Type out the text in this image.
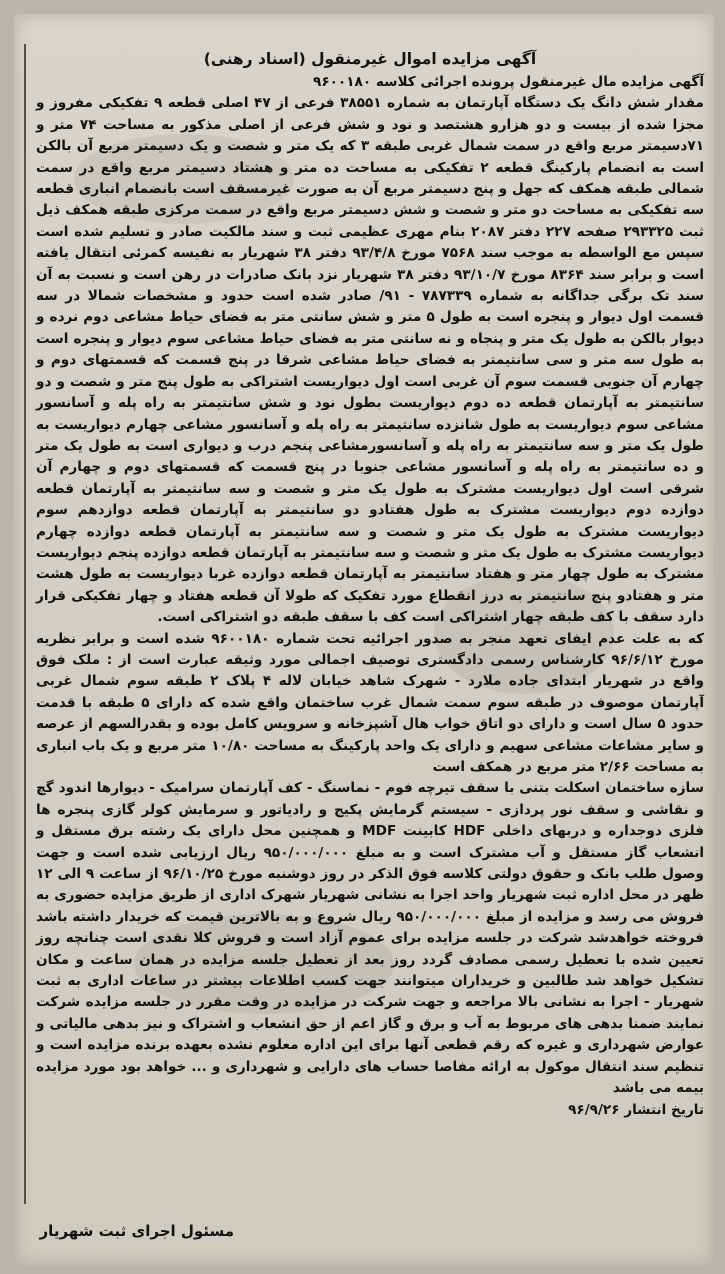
آگهی مزایده اموال غیرمنقول (اسناد رهنی)

آگهی مزایده مال غیرمنقول پرونده اجرائی کلاسه ۹۶۰۰۱۸۰

مقدار شش دانگ یک دستگاه آپارتمان به شماره ۳۸۵۵۱ فرعی از ۴۷ اصلی قطعه ۹ تفکیکی مفروز و مجزا شده از بیست و دو هزارو هشتصد و نود و شش فرعی از اصلی مذکور به مساحت ۷۴ متر و ۷۱دسیمتر مربع واقع در سمت شمال غربی طبقه ۳ که یک متر و شصت و یک دسیمتر مربع آن بالکن است به انضمام پارکینگ قطعه ۲ تفکیکی به مساحت ده متر و هشتاد دسیمتر مربع واقع در سمت شمالی طبقه همکف که جهل و پنج دسیمتر مربع آن به صورت غیرمسقف است بانضمام انباری قطعه سه تفکیکی به مساحت دو متر و شصت و شش دسیمتر مربع واقع در سمت مرکزی طبقه همکف ذیل ثبت ۲۹۳۳۲۵ صفحه ۲۲۷ دفتر ۲۰۸۷ بنام مهری عظیمی ثبت و سند مالکیت صادر و تسلیم شده است سپس مع الواسطه به موجب سند ۷۵۶۸ مورخ ۹۳/۴/۸ دفتر ۳۸ شهریار به نفیسه کمرئی انتقال یافته است و برابر سند ۸۳۶۴ مورخ ۹۳/۱۰/۷ دفتر ۳۸ شهریار نزد بانک صادرات در رهن است و نسبت به آن سند تک برگی جداگانه به شماره ۷۸۷۳۳۹ - ۹۱/ صادر شده است حدود و مشخصات شمالا در سه قسمت اول دیوار و پنجره است به طول ۵ متر و شش سانتی متر به فضای حیاط مشاعی دوم نرده و دیوار بالکن به طول یک متر و پنجاه و نه سانتی متر به فضای حیاط مشاعی سوم دیوار و پنجره است به طول سه متر و سی سانتیمتر به فضای حیاط مشاعی شرقا در پنج قسمت که قسمتهای دوم و چهارم آن جنوبی قسمت سوم آن غربی است اول دیواریست اشتراکی به طول پنج متر و شصت و دو سانتیمتر به آپارتمان قطعه ده دوم دیواریست بطول نود و شش سانتیمتر به راه پله و آسانسور مشاعی سوم دیواریست به طول شانزده سانتیمتر به راه پله و آسانسور مشاعی چهارم دیواریست به طول یک متر و سه سانتیمتر به راه پله و آسانسورمشاعی پنجم درب و دیواری است به طول یک متر و ده سانتیمتر به راه پله و آسانسور مشاعی جنوبا در پنج قسمت که قسمتهای دوم و چهارم آن شرقی است اول دیواریست مشترک به طول یک متر و شصت و سه سانتیمتر به آپارتمان قطعه دوازده دوم دیواریست مشترک به طول هفتادو دو سانتیمتر به آپارتمان قطعه دوازدهم سوم دیواریست مشترک به طول یک متر و شصت و سه سانتیمتر به آپارتمان قطعه دوازده چهارم دیواریست مشترک به طول یک متر و شصت و سه سانتیمتر به آپارتمان قطعه دوازده پنجم دیواریست مشترک به طول چهار متر و هفتاد سانتیمتر به آپارتمان قطعه دوازده غربا دیواریست به طول هشت متر و هفتادو پنج سانتیمتر به درز انقطاع مورد تفکیک که طولا آن قطعه هفتاد و چهار تفکیکی قرار دارد سقف با کف طبقه چهار اشتراکی است کف با سقف طبقه دو اشتراکی است.

که به علت عدم ایفای تعهد منجر به صدور اجرائیه تحت شماره ۹۶۰۰۱۸۰ شده است و برابر نظریه مورخ ۹۶/۶/۱۲ کارشناس رسمی دادگستری توصیف اجمالی مورد وثیقه عبارت است از : ملک فوق واقع در شهریار ابتدای جاده ملارد - شهرک شاهد خیابان لاله ۴ پلاک ۲ طبقه سوم شمال غربی آپارتمان موصوف در طبقه سوم سمت شمال غرب ساختمان واقع شده که دارای ۵ طبقه با قدمت حدود ۵ سال است و دارای دو اتاق خواب هال آشپزخانه و سرویس کامل بوده و بقدرالسهم از عرصه و سایر مشاعات مشاعی سهیم و دارای یک واحد پارکینگ به مساحت ۱۰/۸۰ متر مربع و یک باب انباری به مساحت ۲/۶۶ متر مربع در همکف است

سازه ساختمان اسکلت بتنی با سقف تیرچه فوم - نماسنگ - کف آپارتمان سرامیک - دیوارها اندود گچ و نقاشی و سقف نور پردازی - سیستم گرمایش پکیج و رادیاتور و سرمایش کولر گازی پنجره ها فلزی دوجداره و دربهای داخلی HDF کابینت MDF و همچنین محل دارای یک رشته برق مستقل و انشعاب گاز مستقل و آب مشترک است و به مبلغ ۹۵۰/۰۰۰/۰۰۰ ریال ارزیابی شده است و جهت وصول طلب بانک و حقوق دولتی کلاسه فوق الذکر در روز دوشنبه مورخ ۹۶/۱۰/۲۵ از ساعت ۹ الی ۱۲ ظهر در محل اداره ثبت شهریار واحد اجرا به نشانی شهریار شهرک اداری از طریق مزایده حضوری به فروش می رسد و مزایده از مبلغ ۹۵۰/۰۰۰/۰۰۰ ریال شروع و به بالاترین قیمت که خریدار داشته باشد فروخته خواهدشد شرکت در جلسه مزایده برای عموم آزاد است و فروش کلا نقدی است چنانچه روز تعیین شده با تعطیل رسمی مصادف گردد روز بعد از تعطیل جلسه مزایده در همان ساعت و مکان تشکیل خواهد شد طالبین و خریداران میتوانند جهت کسب اطلاعات بیشتر در ساعات اداری به ثبت شهریار - اجرا به نشانی بالا مراجعه و جهت شرکت در مزایده در وقت مقرر در جلسه مزایده شرکت نمایند ضمنا بدهی های مربوط به آب و برق و گاز اعم از حق انشعاب و اشتراک و نیز بدهی مالیاتی و عوارض شهرداری و غیره که رقم قطعی آنها برای این اداره معلوم نشده بعهده برنده مزایده است و تنظیم سند انتقال موکول به ارائه مفاصا حساب های دارایی و شهرداری و ... خواهد بود مورد مزایده بیمه می باشد

تاریخ انتشار ۹۶/۹/۲۶
مسئول اجرای ثبت شهریار
